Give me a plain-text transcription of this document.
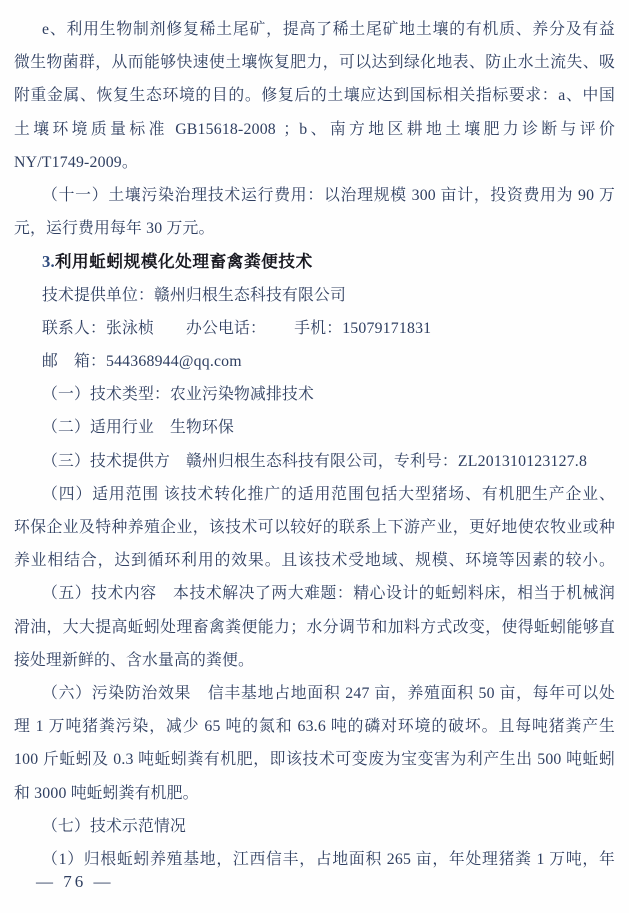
e、利用生物制剂修复稀土尾矿，提高了稀土尾矿地土壤的有机质、养分及有益
微生物菌群，从而能够快速使土壤恢复肥力，可以达到绿化地表、防止水土流失、吸
附重金属、恢复生态环境的目的。修复后的土壤应达到国标相关指标要求：a、中国
土壤环境质量标准 GB15618-2008 ；b、南方地区耕地土壤肥力诊断与评价
NY/T1749-2009。
（十一）土壤污染治理技术运行费用：以治理规模 300 亩计，投资费用为 90 万
元，运行费用每年 30 万元。
3.利用蚯蚓规模化处理畜禽粪便技术
技术提供单位：赣州归根生态科技有限公司
联系人：张泳桢　　办公电话：　　 手机：15079171831
邮　箱：544368944@qq.com
（一）技术类型：农业污染物减排技术
（二）适用行业　生物环保
（三）技术提供方　赣州归根生态科技有限公司，专利号：ZL201310123127.8
（四）适用范围 该技术转化推广的适用范围包括大型猪场、有机肥生产企业、
环保企业及特种养殖企业，该技术可以较好的联系上下游产业，更好地使农牧业或种
养业相结合，达到循环利用的效果。且该技术受地域、规模、环境等因素的较小。
（五）技术内容　本技术解决了两大难题：精心设计的蚯蚓料床，相当于机械润
滑油，大大提高蚯蚓处理畜禽粪便能力；水分调节和加料方式改变，使得蚯蚓能够直
接处理新鲜的、含水量高的粪便。
（六）污染防治效果　信丰基地占地面积 247 亩，养殖面积 50 亩，每年可以处
理 1 万吨猪粪污染，减少 65 吨的氮和 63.6 吨的磷对环境的破坏。且每吨猪粪产生
100 斤蚯蚓及 0.3 吨蚯蚓粪有机肥，即该技术可变废为宝变害为利产生出 500 吨蚯蚓
和 3000 吨蚯蚓粪有机肥。
（七）技术示范情况
（1）归根蚯蚓养殖基地，江西信丰，占地面积 265 亩，年处理猪粪 1 万吨，年
— 76 —
